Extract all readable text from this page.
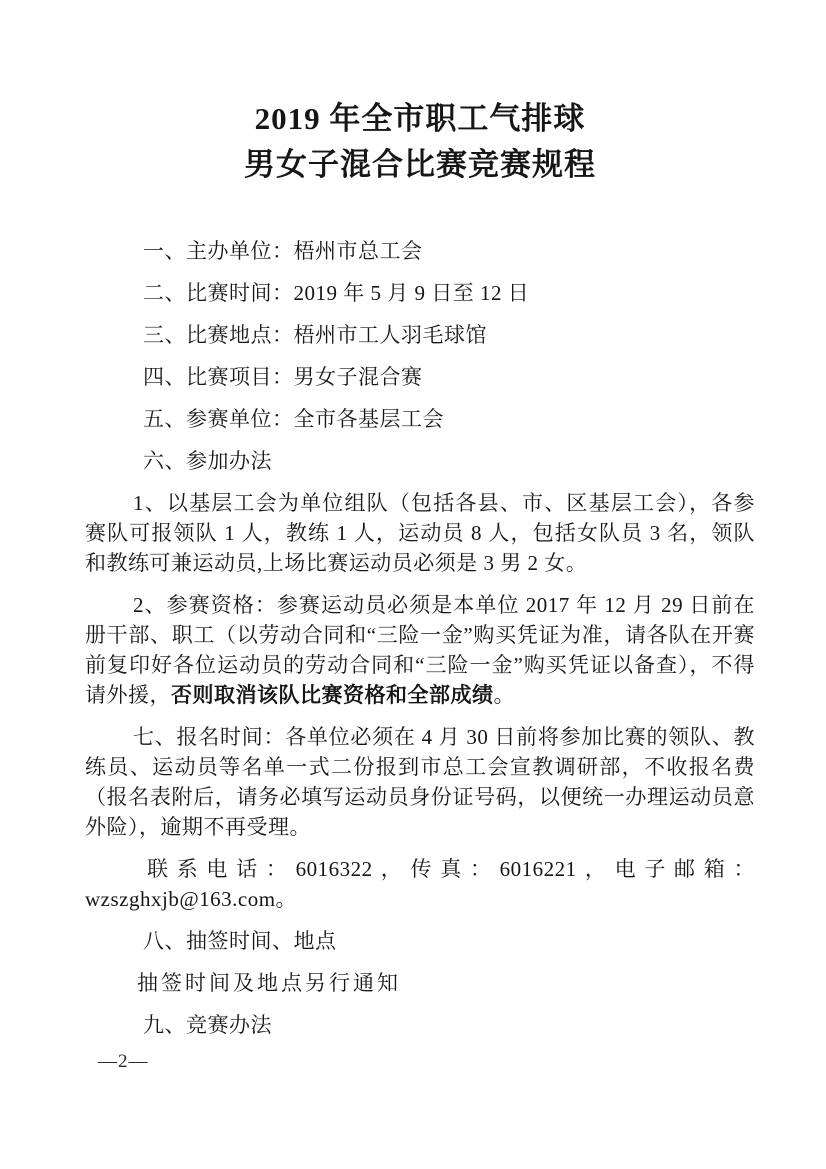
2019 年全市职工气排球
男女子混合比赛竞赛规程

一、主办单位：梧州市总工会

二、比赛时间：2019 年 5 月 9 日至 12 日

三、比赛地点：梧州市工人羽毛球馆

四、比赛项目：男女子混合赛

五、参赛单位：全市各基层工会

六、参加办法

1、以基层工会为单位组队（包括各县、市、区基层工会），各参赛队可报领队 1 人，教练 1 人，运动员 8 人，包括女队员 3 名，领队和教练可兼运动员,上场比赛运动员必须是 3 男 2 女。

2、参赛资格：参赛运动员必须是本单位 2017 年 12 月 29 日前在册干部、职工（以劳动合同和“三险一金”购买凭证为准，请各队在开赛前复印好各位运动员的劳动合同和“三险一金”购买凭证以备查），不得请外援，否则取消该队比赛资格和全部成绩。

七、报名时间：各单位必须在 4 月 30 日前将参加比赛的领队、教练员、运动员等名单一式二份报到市总工会宣教调研部，不收报名费（报名表附后，请务必填写运动员身份证号码，以便统一办理运动员意外险），逾期不再受理。

联系电话：6016322，传真：6016221，电子邮箱：wzszghxjb@163.com。

八、抽签时间、地点

抽签时间及地点另行通知

九、竞赛办法

—2—
